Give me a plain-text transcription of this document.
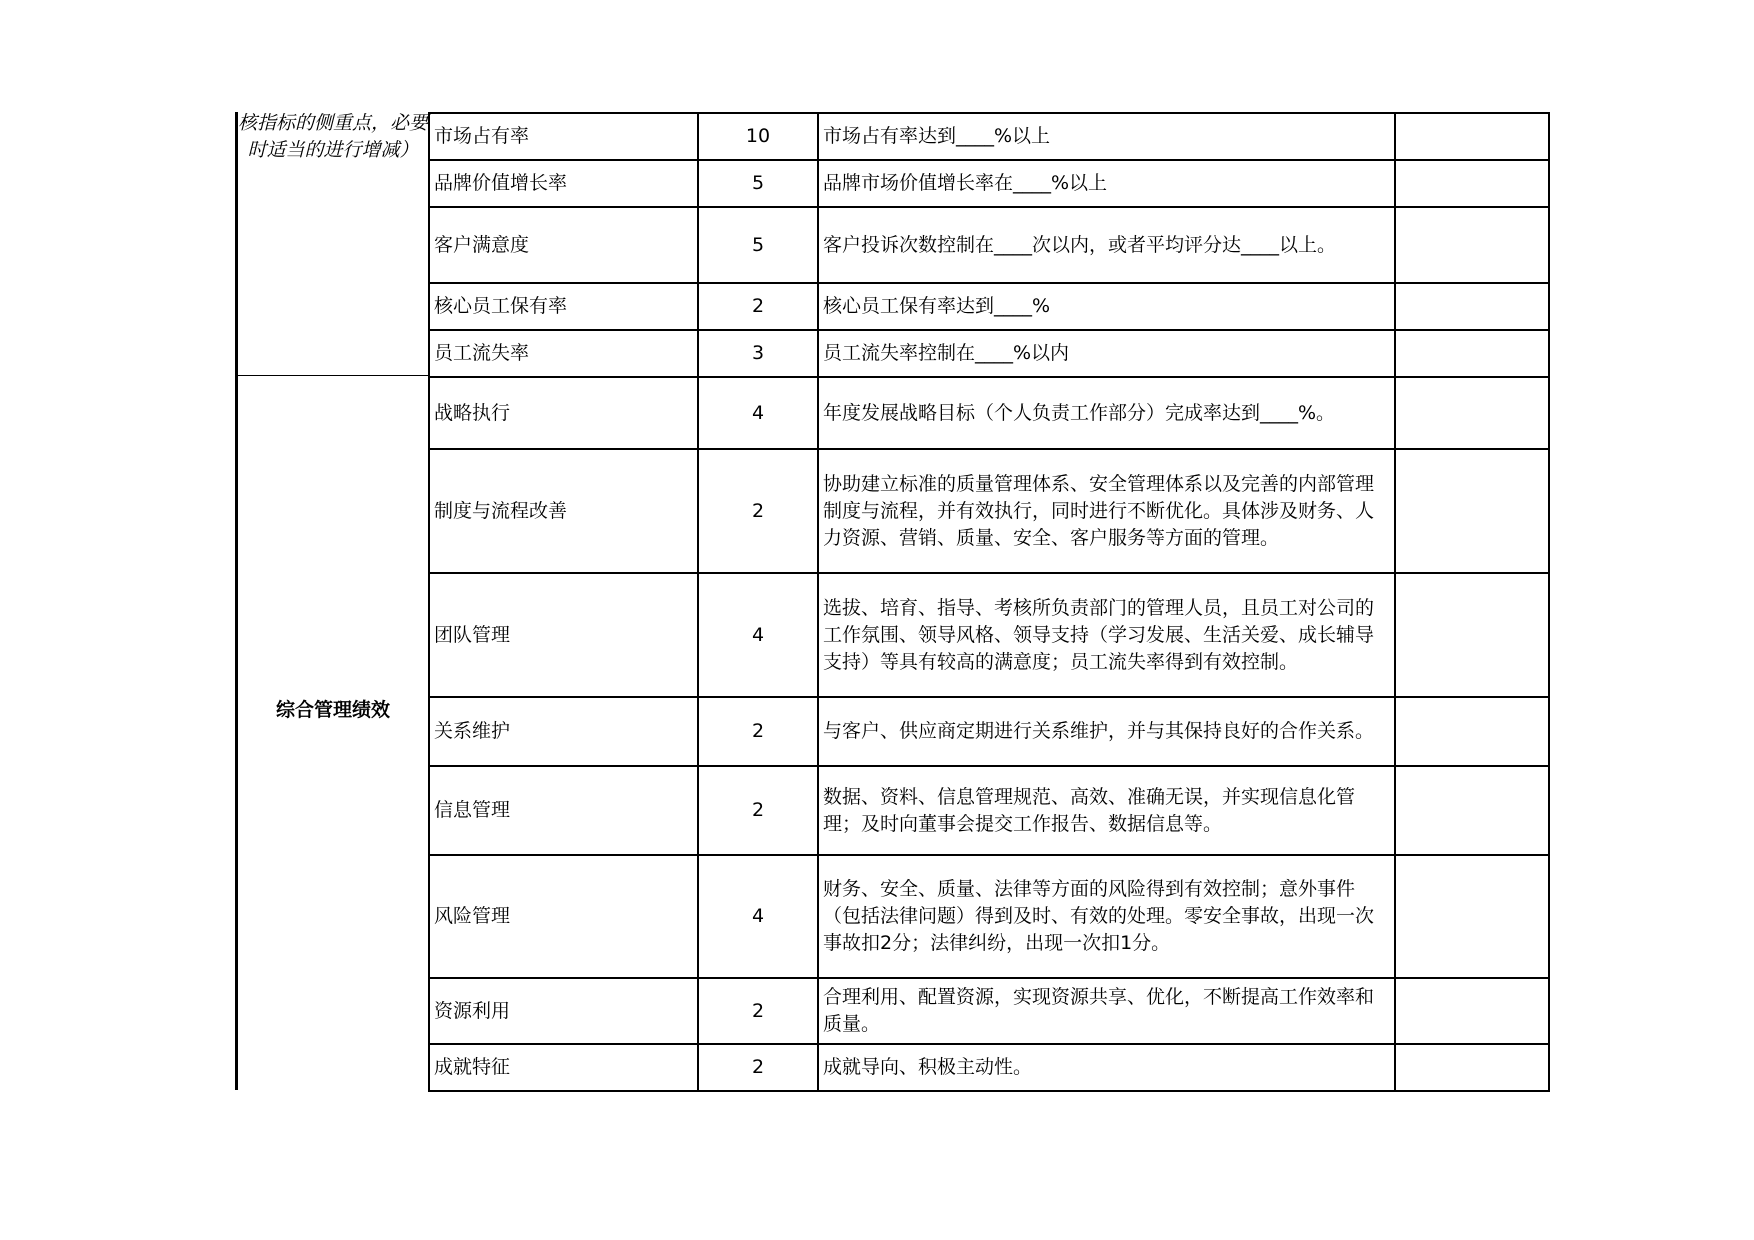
核指标的侧重点，必要时适当的进行增减）
综合管理绩效
市场占有率	10	市场占有率达到____%以上	
品牌价值增长率	5	品牌市场价值增长率在____%以上	
客户满意度	5	客户投诉次数控制在____次以内，或者平均评分达____以上。	
核心员工保有率	2	核心员工保有率达到____%	
员工流失率	3	员工流失率控制在____%以内	
战略执行	4	年度发展战略目标（个人负责工作部分）完成率达到____%。	
制度与流程改善	2	协助建立标准的质量管理体系、安全管理体系以及完善的内部管理制度与流程，并有效执行，同时进行不断优化。具体涉及财务、人力资源、营销、质量、安全、客户服务等方面的管理。	
团队管理	4	选拔、培育、指导、考核所负责部门的管理人员，且员工对公司的工作氛围、领导风格、领导支持（学习发展、生活关爱、成长辅导支持）等具有较高的满意度；员工流失率得到有效控制。	
关系维护	2	与客户、供应商定期进行关系维护，并与其保持良好的合作关系。	
信息管理	2	数据、资料、信息管理规范、高效、准确无误，并实现信息化管理；及时向董事会提交工作报告、数据信息等。	
风险管理	4	财务、安全、质量、法律等方面的风险得到有效控制；意外事件（包括法律问题）得到及时、有效的处理。零安全事故，出现一次事故扣2分；法律纠纷，出现一次扣1分。	
资源利用	2	合理利用、配置资源，实现资源共享、优化，不断提高工作效率和质量。	
成就特征	2	成就导向、积极主动性。	
